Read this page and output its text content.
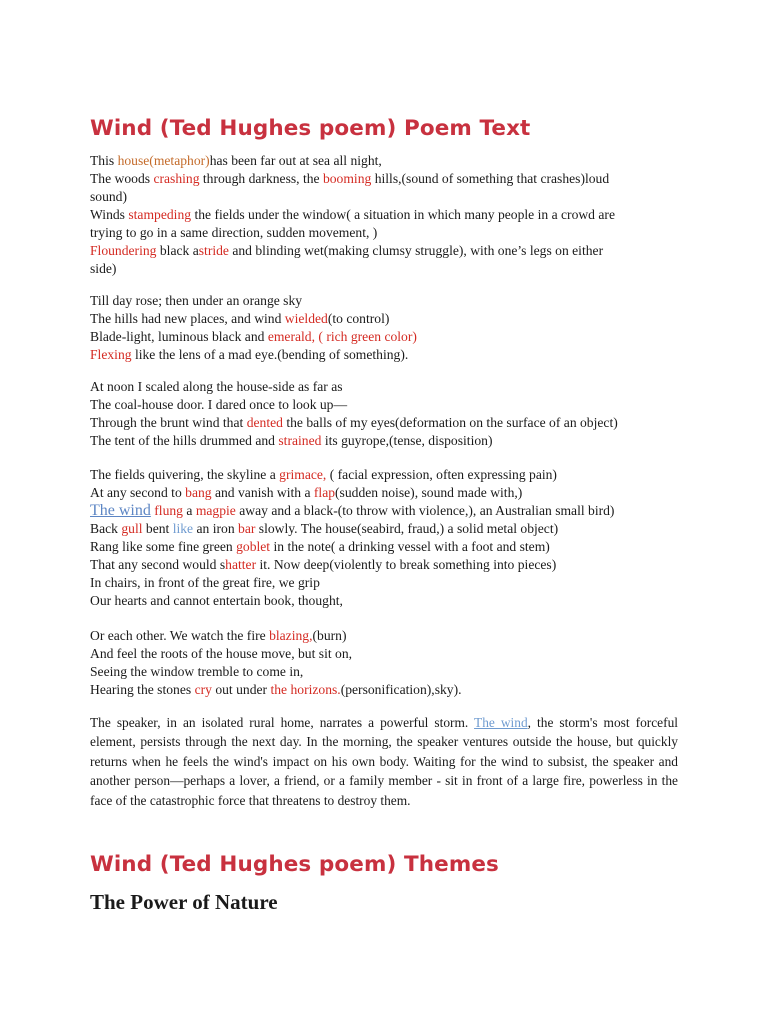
Wind (Ted Hughes poem) Poem Text

This house(metaphor)has been far out at sea all night,
The woods crashing through darkness, the booming hills,(sound of something that crashes)loud
sound)
Winds stampeding the fields under the window( a situation in which many people in a crowd are
trying to go in a same direction, sudden movement, )
Floundering black astride and blinding wet(making clumsy struggle), with one’s legs on either
side)

Till day rose; then under an orange sky
The hills had new places, and wind wielded(to control)
Blade-light, luminous black and emerald, ( rich green color)
Flexing like the lens of a mad eye.(bending of something).

At noon I scaled along the house-side as far as
The coal-house door. I dared once to look up—
Through the brunt wind that dented the balls of my eyes(deformation on the surface of an object)
The tent of the hills drummed and strained its guyrope,(tense, disposition)

The fields quivering, the skyline a grimace, ( facial expression, often expressing pain)
At any second to bang and vanish with a flap(sudden noise), sound made with,)
The wind flung a magpie away and a black-(to throw with violence,), an Australian small bird)
Back gull bent like an iron bar slowly. The house(seabird, fraud,) a solid metal object)
Rang like some fine green goblet in the note( a drinking vessel with a foot and stem)
That any second would shatter it. Now deep(violently to break something into pieces)
In chairs, in front of the great fire, we grip
Our hearts and cannot entertain book, thought,

Or each other. We watch the fire blazing,(burn)
And feel the roots of the house move, but sit on,
Seeing the window tremble to come in,
Hearing the stones cry out under the horizons.(personification),sky).

The speaker, in an isolated rural home, narrates a powerful storm. The wind, the storm's most forceful element, persists through the next day. In the morning, the speaker ventures outside the house, but quickly returns when he feels the wind's impact on his own body. Waiting for the wind to subsist, the speaker and another person—perhaps a lover, a friend, or a family member - sit in front of a large fire, powerless in the face of the catastrophic force that threatens to destroy them.

Wind (Ted Hughes poem) Themes
The Power of Nature
